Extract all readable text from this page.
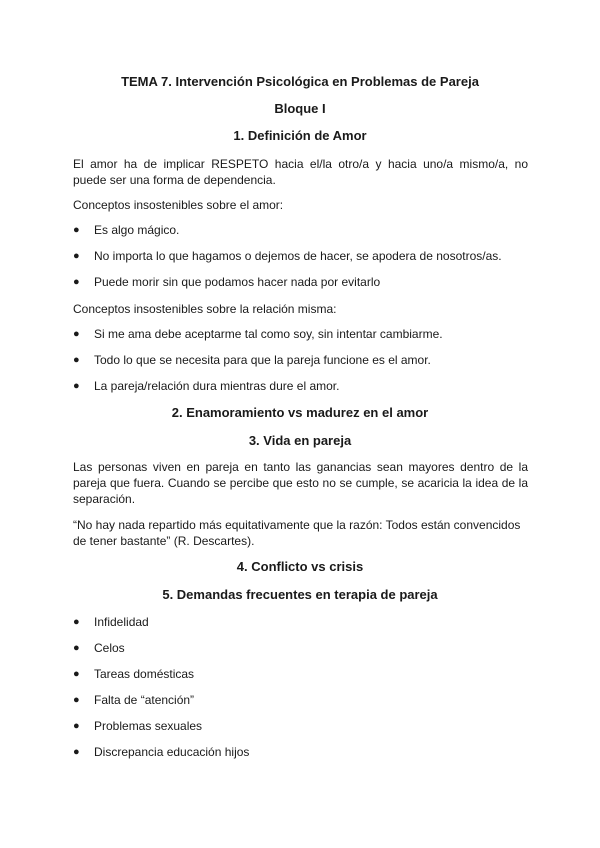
TEMA 7. Intervención Psicológica en Problemas de Pareja
Bloque I
1. Definición de Amor
El amor ha de implicar RESPETO hacia el/la otro/a y hacia uno/a mismo/a, no
puede ser una forma de dependencia.
Conceptos insostenibles sobre el amor:
●	Es algo mágico.
●	No importa lo que hagamos o dejemos de hacer, se apodera de nosotros/as.
●	Puede morir sin que podamos hacer nada por evitarlo
Conceptos insostenibles sobre la relación misma:
●	Si me ama debe aceptarme tal como soy, sin intentar cambiarme.
●	Todo lo que se necesita para que la pareja funcione es el amor.
●	La pareja/relación dura mientras dure el amor.
2. Enamoramiento vs madurez en el amor
3. Vida en pareja
Las personas viven en pareja en tanto las ganancias sean mayores dentro de la
pareja que fuera. Cuando se percibe que esto no se cumple, se acaricia la idea de la
separación.
“No hay nada repartido más equitativamente que la razón: Todos están convencidos
de tener bastante” (R. Descartes).
4. Conflicto vs crisis
5. Demandas frecuentes en terapia de pareja
●	Infidelidad
●	Celos
●	Tareas domésticas
●	Falta de “atención”
●	Problemas sexuales
●	Discrepancia educación hijos
